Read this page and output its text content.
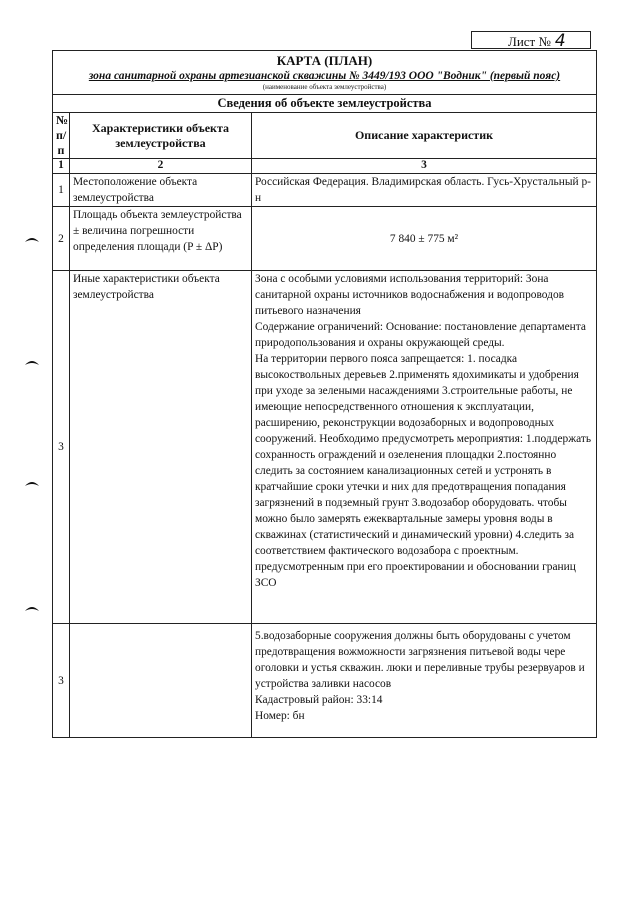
Лист № 4
КАРТА (ПЛАН)
зона санитарной охраны артезианской скважины № 3449/193 ООО "Водник" (первый пояс)
(наименование объекта землеустройства)		

Сведения об объекте землеустройства		
№ п/п	Характеристики объекта землеустройства	Описание характеристик
1	2	3
1	Местоположение объекта землеустройства	Российская Федерация. Владимирская область. Гусь-Хрустальный р-н
2	Площадь объекта землеустройства ± величина погрешности определения площади (P ± ΔP)	7 840 ± 775 м²
3	Иные характеристики объекта землеустройства	Зона с особыми условиями использования территорий: Зона санитарной охраны источников водоснабжения и водопроводов питьевого назначения
Содержание ограничений: Основание: постановление департамента природопользования и охраны окружающей среды.
На территории первого пояса запрещается: 1. посадка высокоствольных деревьев 2.применять ядохимикаты и удобрения при уходе за зелеными насаждениями 3.строительные работы, не имеющие непосредственного отношения к эксплуатации, расширению, реконструкции водозаборных и водопроводных сооружений. Необходимо предусмотреть мероприятия: 1.поддержать сохранность ограждений и озеленения площадки 2.постоянно следить за состоянием канализационных сетей и устронять в кратчайшие сроки утечки и них для предотвращения попадания загрязнений в подземный грунт 3.водозабор оборудовать. чтобы можно было замерять ежеквартальные замеры уровня воды в скважинах (статистический и динамический уровни) 4.следить за соответствием фактического водозабора с проектным. предусмотренным при его проектировании и обосновании границ ЗСО
3		5.водозаборные сооружения должны быть оборудованы с учетом предотвращения вожможности загрязнения питьевой воды чере оголовки и устья скважин. люки и переливные трубы резервуаров и устройства заливки насосов
Кадастровый район: 33:14
Номер: бн
